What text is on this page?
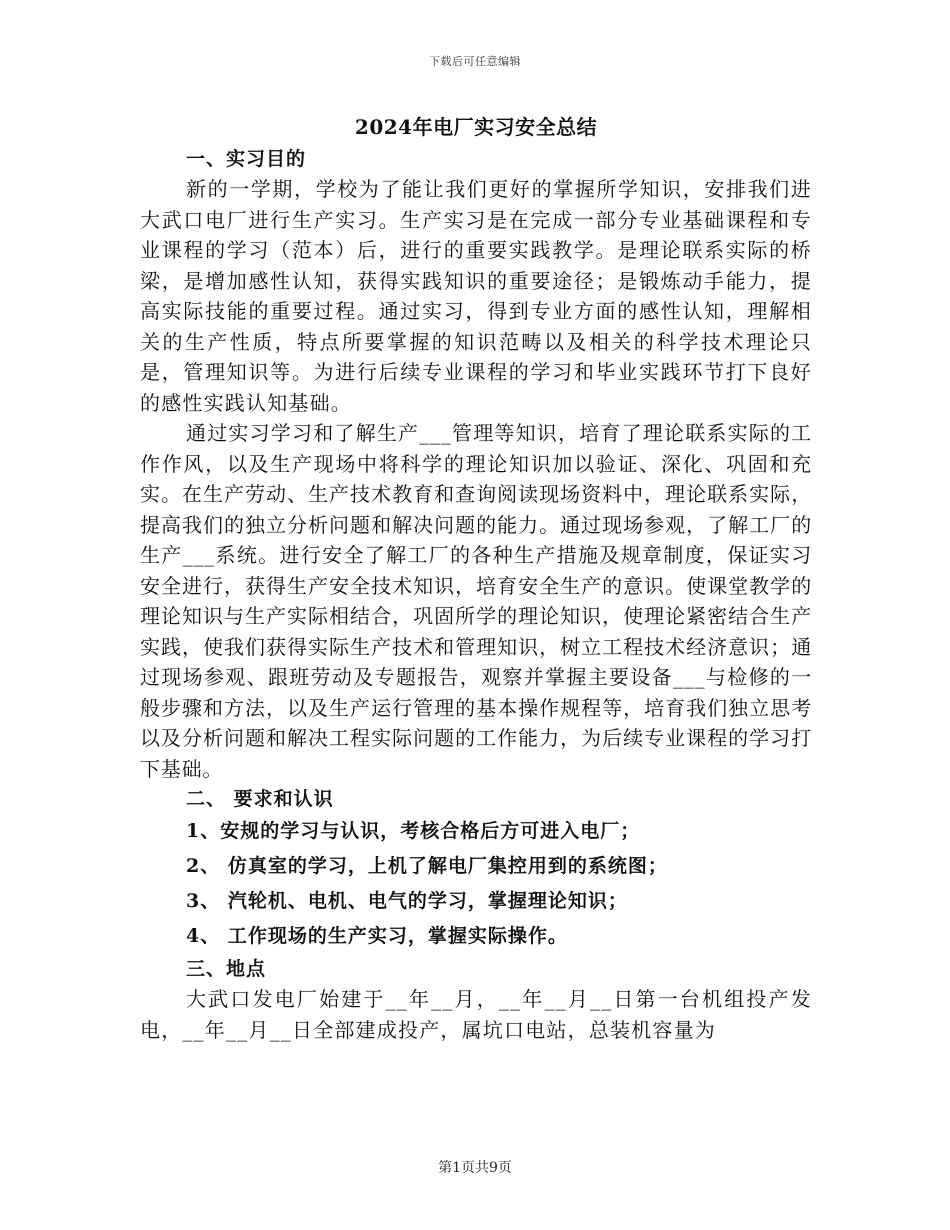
下载后可任意编辑
2024年电厂实习安全总结
一、实习目的

新的一学期，学校为了能让我们更好的掌握所学知识，安排我们进大武口电厂进行生产实习。生产实习是在完成一部分专业基础课程和专业课程的学习（范本）后，进行的重要实践教学。是理论联系实际的桥梁，是增加感性认知，获得实践知识的重要途径；是锻炼动手能力，提高实际技能的重要过程。通过实习，得到专业方面的感性认知，理解相关的生产性质，特点所要掌握的知识范畴以及相关的科学技术理论只是，管理知识等。为进行后续专业课程的学习和毕业实践环节打下良好的感性实践认知基础。

通过实习学习和了解生产___管理等知识，培育了理论联系实际的工作作风，以及生产现场中将科学的理论知识加以验证、深化、巩固和充实。在生产劳动、生产技术教育和查询阅读现场资料中，理论联系实际，提高我们的独立分析问题和解决问题的能力。通过现场参观，了解工厂的生产___系统。进行安全了解工厂的各种生产措施及规章制度，保证实习安全进行，获得生产安全技术知识，培育安全生产的意识。使课堂教学的理论知识与生产实际相结合，巩固所学的理论知识，使理论紧密结合生产实践，使我们获得实际生产技术和管理知识，树立工程技术经济意识；通过现场参观、跟班劳动及专题报告，观察并掌握主要设备___与检修的一般步骤和方法，以及生产运行管理的基本操作规程等，培育我们独立思考以及分析问题和解决工程实际问题的工作能力，为后续专业课程的学习打下基础。

二、 要求和认识
1、安规的学习与认识，考核合格后方可进入电厂；
2、 仿真室的学习，上机了解电厂集控用到的系统图；
3、 汽轮机、电机、电气的学习，掌握理论知识；
4、 工作现场的生产实习，掌握实际操作。
三、地点

大武口发电厂始建于__年__月，__年__月__日第一台机组投产发电，__年__月__日全部建成投产，属坑口电站，总装机容量为

第1页共9页
